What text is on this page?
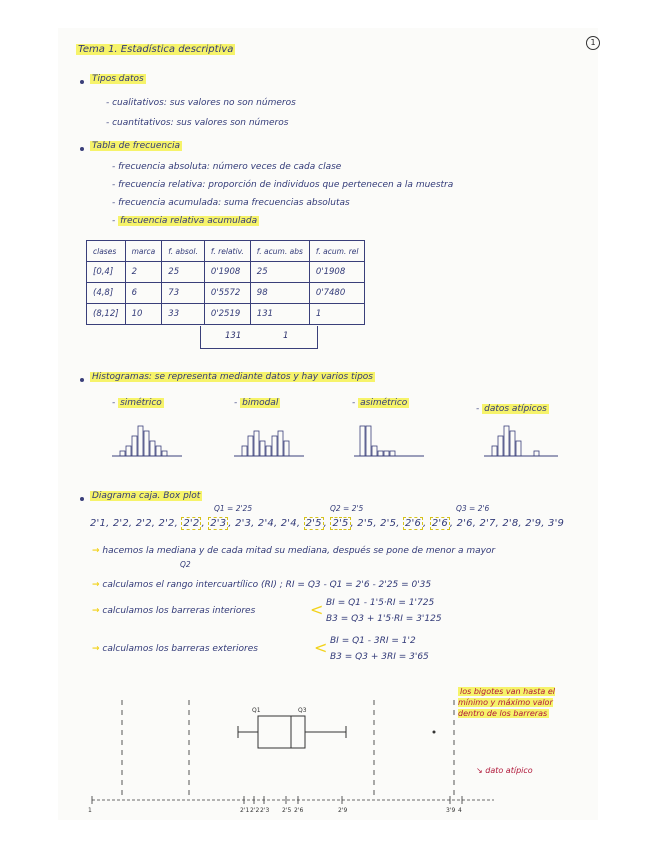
1
Tema 1. Estadística descriptiva
Tipos datos
- cualitativos: sus valores no son números
- cuantitativos: sus valores son números
Tabla de frecuencia
- frecuencia absoluta: número veces de cada clase
- frecuencia relativa: proporción de individuos que pertenecen a la muestra
- frecuencia acumulada: suma frecuencias absolutas
- frecuencia relativa acumulada
clases	marca	f. absol.	f. relativ.	f. acum. abs	f. acum. rel
[0,4]	2	25	0'1908	25	0'1908
(4,8]	6	73	0'5572	98	0'7480
(8,12]	10	33	0'2519	131	1
131	1
Histogramas: se representa mediante datos y hay varios tipos
- simétrico	- bimodal	- asimétrico
- datos atípicos
Diagrama caja. Box plot
Q1 = 2'25	Q2 = 2'5	Q3 = 2'6
2'1, 2'2, 2'2, 2'2, 2'2 , 2'3 , 2'3, 2'4, 2'4, 2'5 , 2'5 , 2'5, 2'5, 2'6 , 2'6 , 2'6, 2'7, 2'8, 2'9, 3'9
→ hacemos la mediana y de cada mitad su mediana, después se pone de menor a mayor
Q2
→ calculamos el rango intercuartílico (RI) ; RI = Q3 - Q1 = 2'6 - 2'25 = 0'35
→ calculamos los barreras interiores	< BI = Q1 - 1'5·RI = 1'725
B3 = Q3 + 1'5·RI = 3'125
→ calculamos los barreras exteriores	< BI = Q1 - 3RI = 1'2
B3 = Q3 + 3RI = 3'65
los bigotes van hasta el mínimo y máximo valor dentro de los barreras
↘ dato atípico
Q1	Q3
1	2'1 2'2 2'3 2'5 2'6	2'9	3'9 4
